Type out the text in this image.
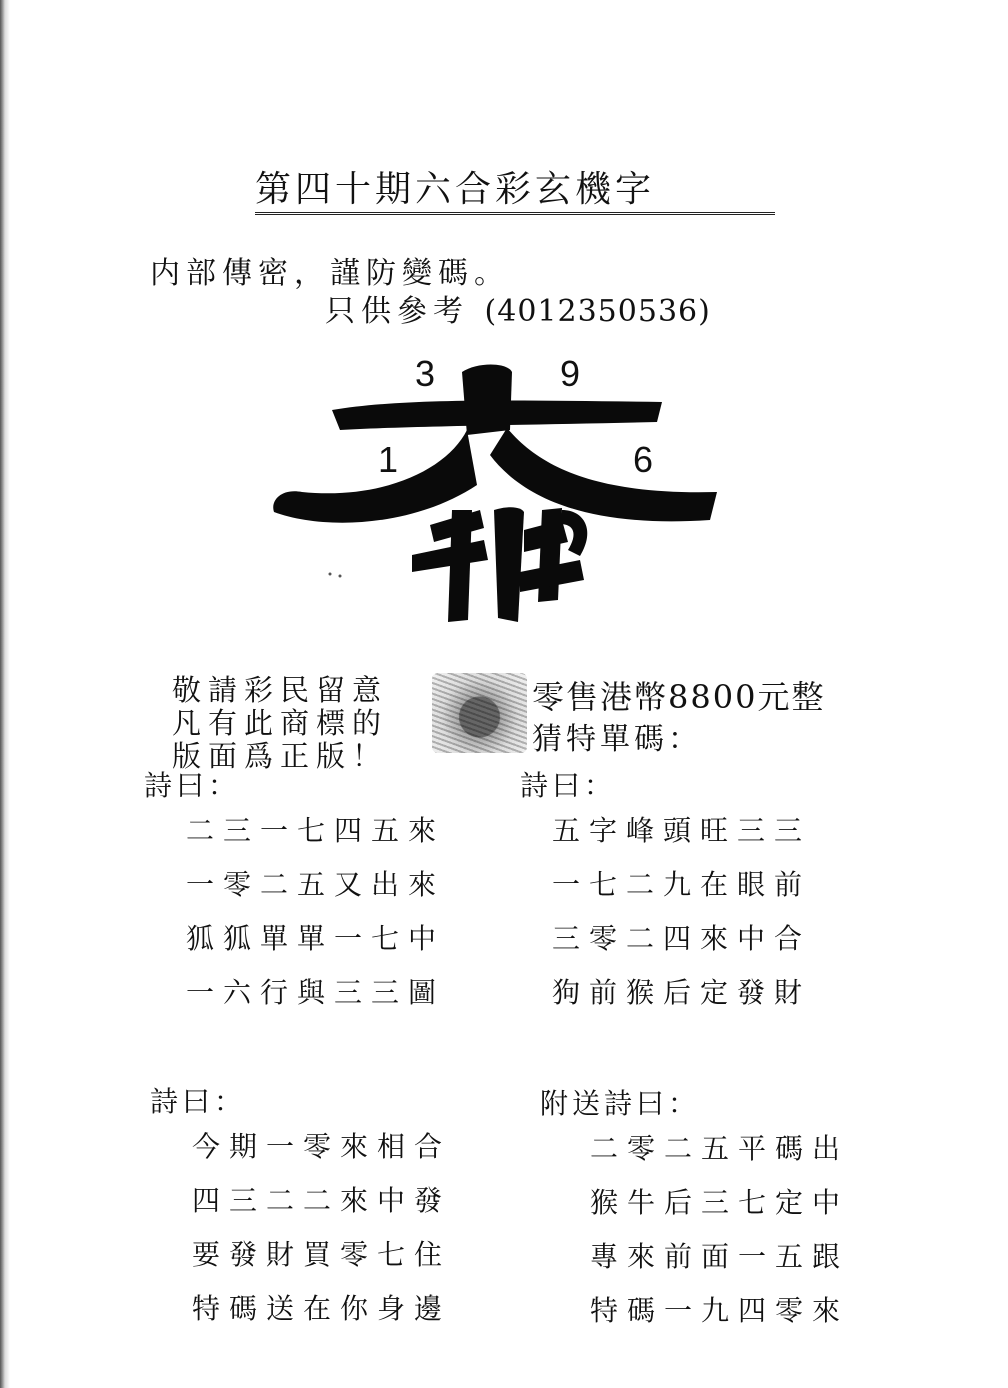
第四十期六合彩玄機字
内部傳密，謹防變碼。
只供參考 (4012350536)
3	9
1	6
敬請彩民留意
凡有此商標的
版面爲正版！
零售港幣8800元整
猜特單碼：
詩曰：
二三一七四五來
一零二五又出來
狐狐單單一七中
一六行與三三圖
詩曰：
五字峰頭旺三三
一七二九在眼前
三零二四來中合
狗前猴后定發財
詩曰：
今期一零來相合
四三二二來中發
要發財買零七住
特碼送在你身邊
附送詩曰：
二零二五平碼出
猴牛后三七定中
專來前面一五跟
特碼一九四零來
